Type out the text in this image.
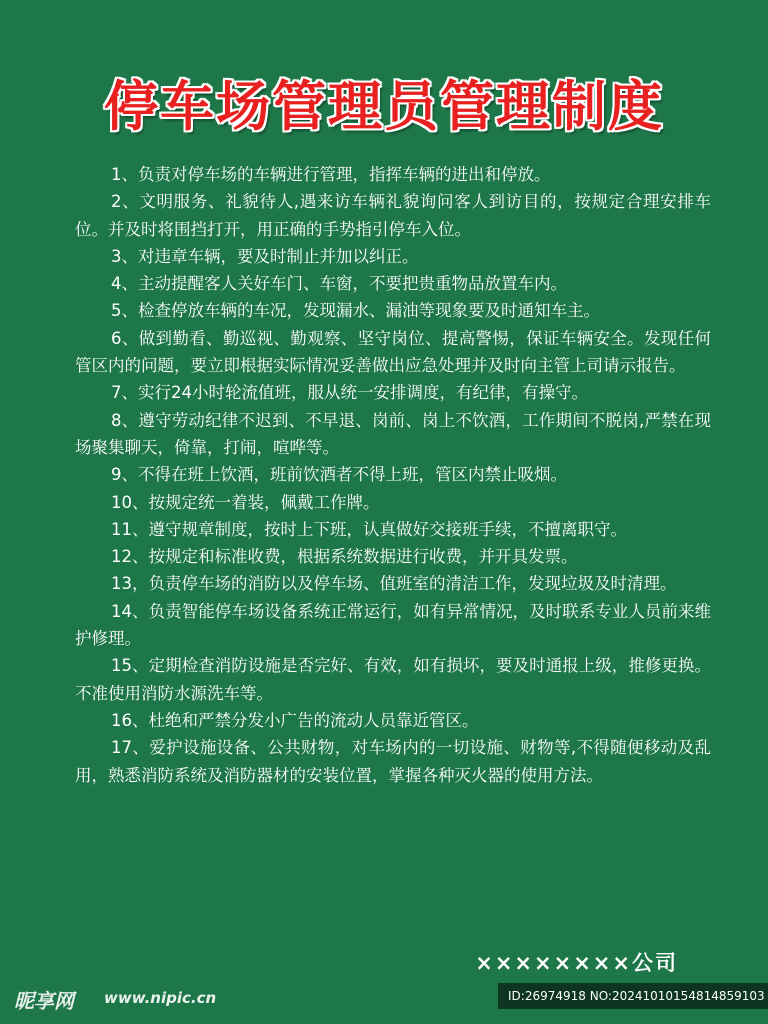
停车场管理员管理制度
1、负责对停车场的车辆进行管理，指挥车辆的进出和停放。
2、文明服务、礼貌待人,遇来访车辆礼貌询问客人到访目的，按规定合理安排车位。并及时将围挡打开，用正确的手势指引停车入位。
3、对违章车辆，要及时制止并加以纠正。
4、主动提醒客人关好车门、车窗，不要把贵重物品放置车内。
5、检查停放车辆的车况，发现漏水、漏油等现象要及时通知车主。
6、做到勤看、勤巡视、勤观察、坚守岗位、提高警惕，保证车辆安全。发现任何管区内的问题，要立即根据实际情况妥善做出应急处理并及时向主管上司请示报告。
7、实行24小时轮流值班，服从统一安排调度，有纪律，有操守。
8、遵守劳动纪律不迟到、不早退、岗前、岗上不饮酒，工作期间不脱岗,严禁在现场聚集聊天，倚靠，打闹，喧哗等。
9、不得在班上饮酒，班前饮酒者不得上班，管区内禁止吸烟。
10、按规定统一着装，佩戴工作牌。
11、遵守规章制度，按时上下班，认真做好交接班手续，不擅离职守。
12、按规定和标准收费，根据系统数据进行收费，并开具发票。
13，负责停车场的消防以及停车场、值班室的清洁工作，发现垃圾及时清理。
14、负责智能停车场设备系统正常运行，如有异常情况，及时联系专业人员前来维护修理。
15、定期检查消防设施是否完好、有效，如有损坏，要及时通报上级，推修更换。不准使用消防水源洗车等。
16、杜绝和严禁分发小广告的流动人员靠近管区。
17、爱护设施设备、公共财物，对车场内的一切设施、财物等,不得随便移动及乱用，熟悉消防系统及消防器材的安装位置，掌握各种灭火器的使用方法。
××××××××公司
昵享网 www.nipic.cn	ID:26974918 NO:20241010154814859103
